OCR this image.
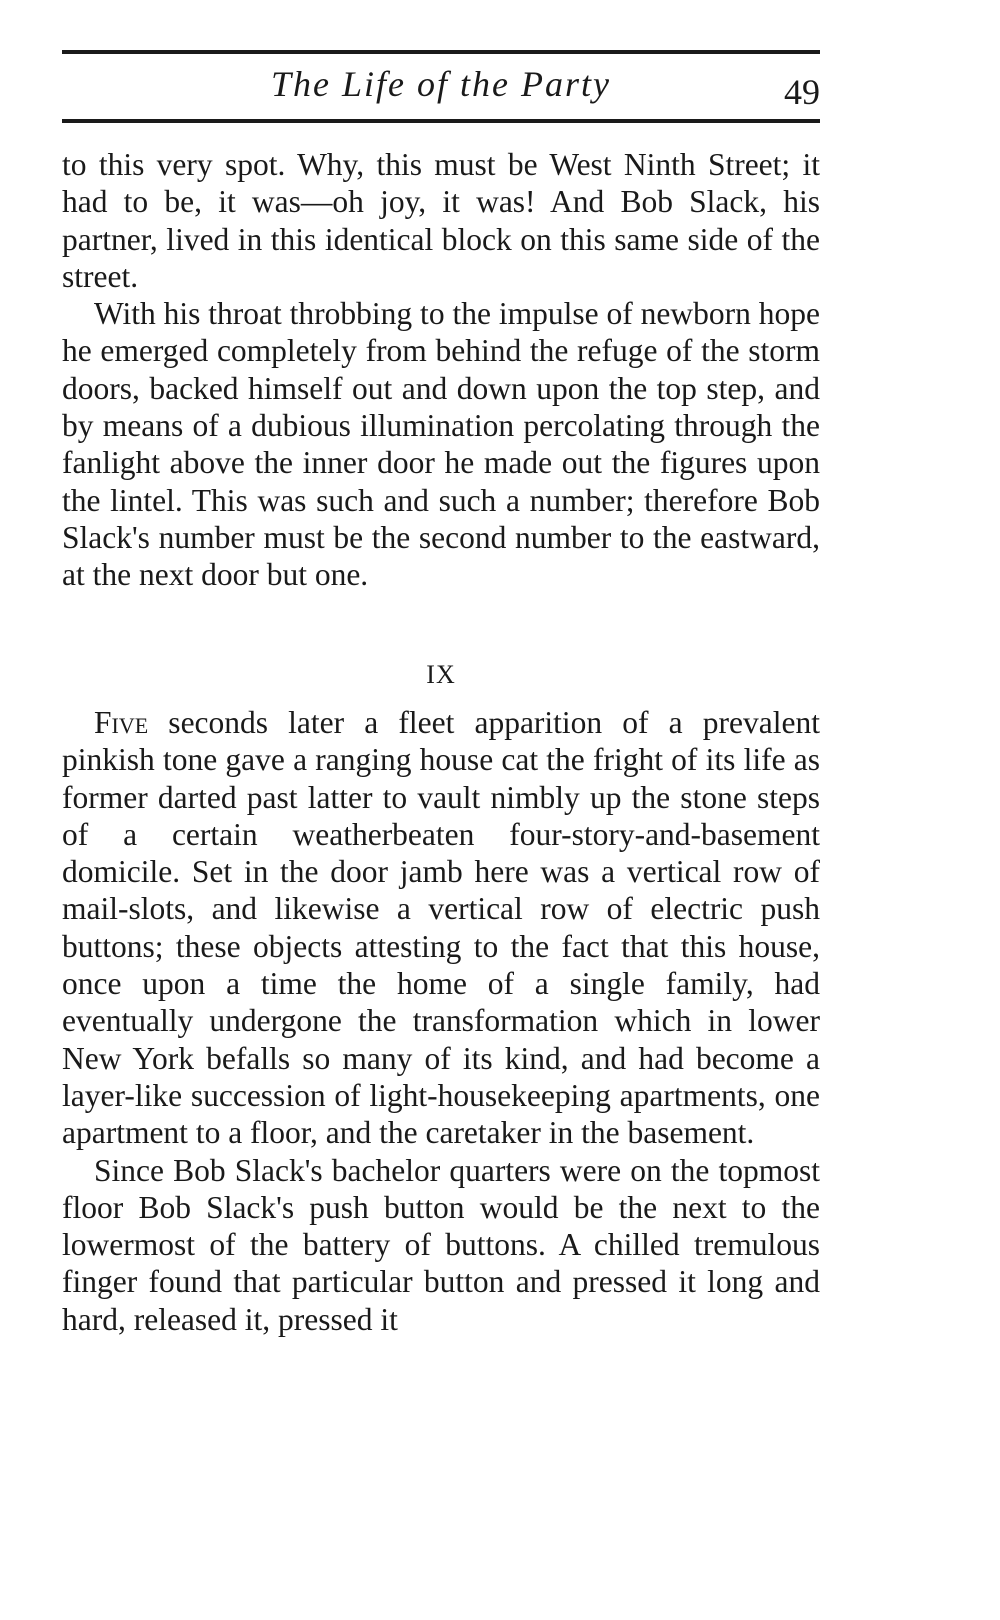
The Life of the Party	49

to this very spot. Why, this must be West Ninth Street; it had to be, it was—oh joy, it was! And Bob Slack, his partner, lived in this identical block on this same side of the street.

With his throat throbbing to the impulse of newborn hope he emerged completely from behind the refuge of the storm doors, backed himself out and down upon the top step, and by means of a dubious illumination percolating through the fanlight above the inner door he made out the figures upon the lintel. This was such and such a number; therefore Bob Slack's number must be the second number to the eastward, at the next door but one.

IX

Five seconds later a fleet apparition of a prevalent pinkish tone gave a ranging house cat the fright of its life as former darted past latter to vault nimbly up the stone steps of a certain weatherbeaten four-story-and-basement domicile. Set in the door jamb here was a vertical row of mail-slots, and likewise a vertical row of electric push buttons; these objects attesting to the fact that this house, once upon a time the home of a single family, had eventually undergone the transformation which in lower New York befalls so many of its kind, and had become a layer-like succession of light-housekeeping apartments, one apartment to a floor, and the caretaker in the basement.

Since Bob Slack's bachelor quarters were on the topmost floor Bob Slack's push button would be the next to the lowermost of the battery of buttons. A chilled tremulous finger found that particular button and pressed it long and hard, released it, pressed it
